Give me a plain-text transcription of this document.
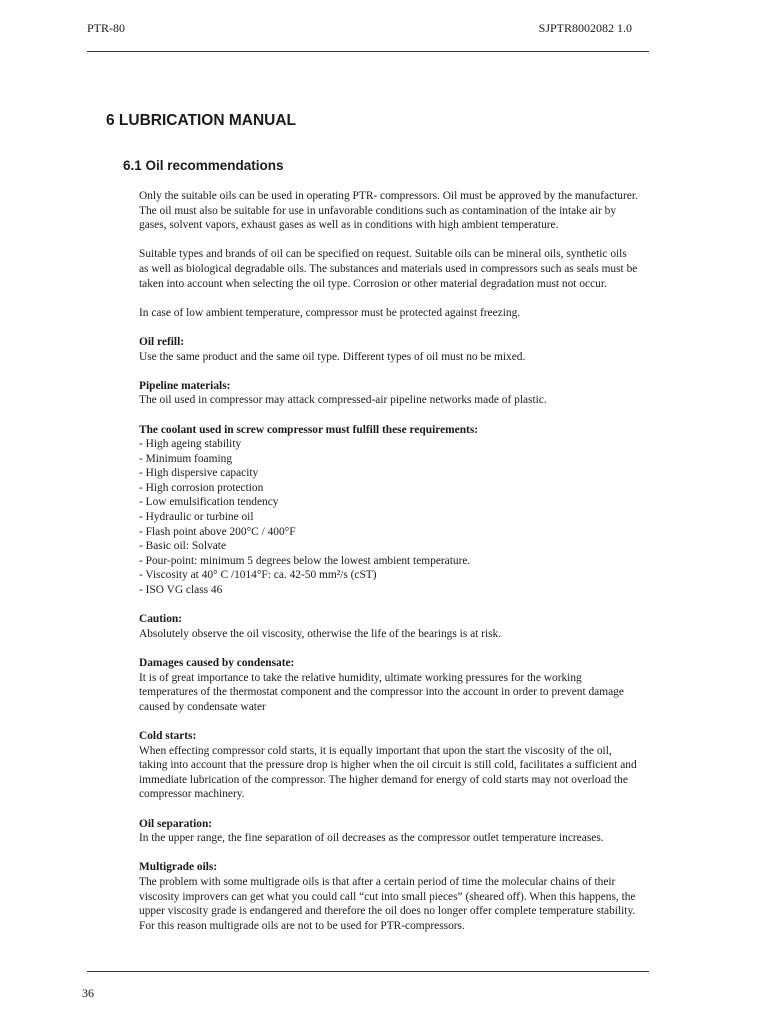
PTR-80	SJPTR8002082 1.0
6 LUBRICATION MANUAL
6.1 Oil recommendations

Only the suitable oils can be used in operating PTR- compressors. Oil must be approved by the manufacturer. The oil must also be suitable for use in unfavorable conditions such as contamination of the intake air by gases, solvent vapors, exhaust gases as well as in conditions with high ambient temperature.

Suitable types and brands of oil can be specified on request. Suitable oils can be mineral oils, synthetic oils as well as biological degradable oils. The substances and materials used in compressors such as seals must be taken into account when selecting the oil type. Corrosion or other material degradation must not occur.

In case of low ambient temperature, compressor must be protected against freezing.

Oil refill:
Use the same product and the same oil type. Different types of oil must no be mixed.

Pipeline materials:
The oil used in compressor may attack compressed-air pipeline networks made of plastic.

The coolant used in screw compressor must fulfill these requirements:
- High ageing stability
- Minimum foaming
- High dispersive capacity
- High corrosion protection
- Low emulsification tendency
- Hydraulic or turbine oil
- Flash point above 200°C / 400°F
- Basic oil: Solvate
- Pour-point: minimum 5 degrees below the lowest ambient temperature.
- Viscosity at 40° C /1014°F: ca. 42-50 mm²/s (cST)
- ISO VG class 46

Caution:
Absolutely observe the oil viscosity, otherwise the life of the bearings is at risk.

Damages caused by condensate:
It is of great importance to take the relative humidity, ultimate working pressures for the working temperatures of the thermostat component and the compressor into the account in order to prevent damage caused by condensate water

Cold starts:
When effecting compressor cold starts, it is equally important that upon the start the viscosity of the oil, taking into account that the pressure drop is higher when the oil circuit is still cold, facilitates a sufficient and immediate lubrication of the compressor. The higher demand for energy of cold starts may not overload the compressor machinery.

Oil separation:
In the upper range, the fine separation of oil decreases as the compressor outlet temperature increases.

Multigrade oils:
The problem with some multigrade oils is that after a certain period of time the molecular chains of their viscosity improvers can get what you could call “cut into small pieces” (sheared off). When this happens, the upper viscosity grade is endangered and therefore the oil does no longer offer complete temperature stability. For this reason multigrade oils are not to be used for PTR-compressors.

36
